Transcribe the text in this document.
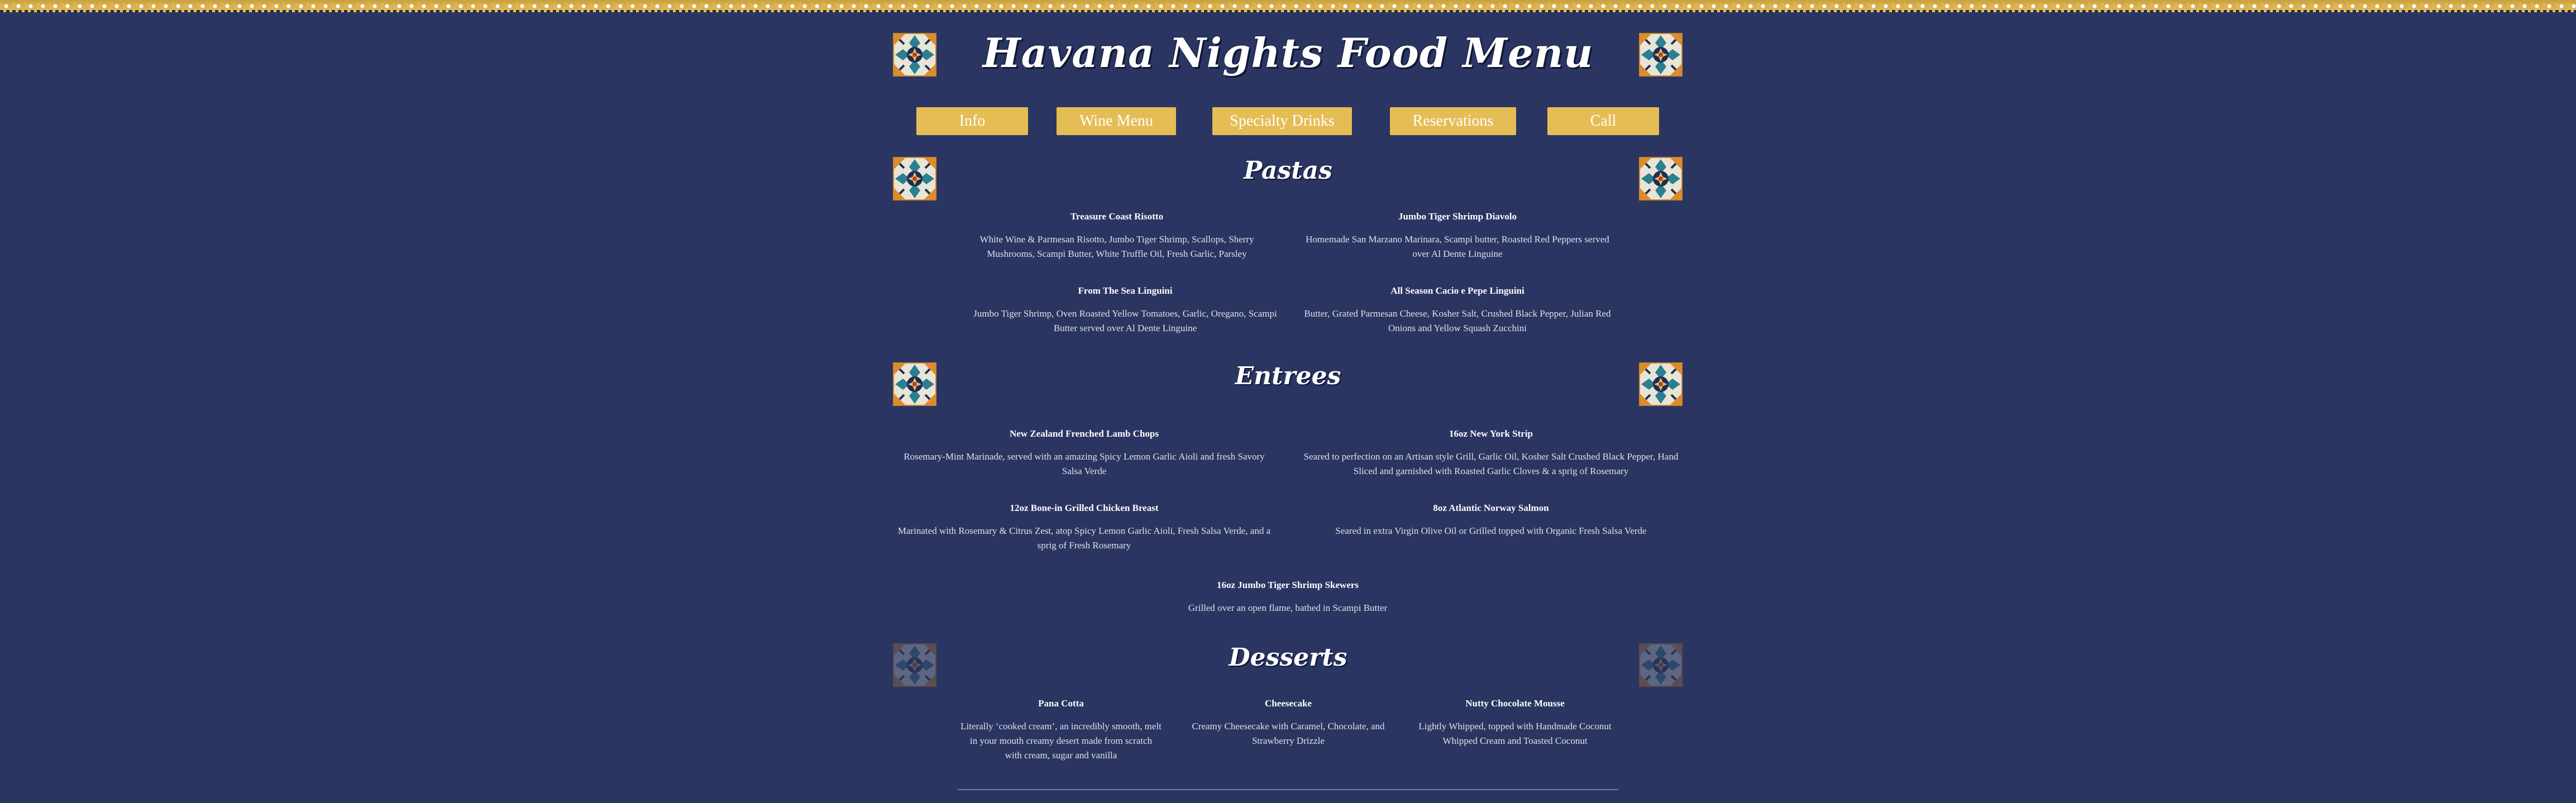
Havana Nights Food Menu
Info	Wine Menu	Specialty Drinks	Reservations	Call
Pastas
Treasure Coast Risotto
White Wine & Parmesan Risotto, Jumbo Tiger Shrimp, Scallops, Sherry Mushrooms, Scampi Butter, White Truffle Oil, Fresh Garlic, Parsley
Jumbo Tiger Shrimp Diavolo
Homemade San Marzano Marinara, Scampi butter, Roasted Red Peppers served over Al Dente Linguine
From The Sea Linguini
Jumbo Tiger Shrimp, Oven Roasted Yellow Tomatoes, Garlic, Oregano, Scampi Butter served over Al Dente Linguine
All Season Cacio e Pepe Linguini
Butter, Grated Parmesan Cheese, Kosher Salt, Crushed Black Pepper, Julian Red Onions and Yellow Squash Zucchini
Entrees
New Zealand Frenched Lamb Chops
Rosemary-Mint Marinade, served with an amazing Spicy Lemon Garlic Aioli and fresh Savory Salsa Verde
16oz New York Strip
Seared to perfection on an Artisan style Grill, Garlic Oil, Kosher Salt Crushed Black Pepper, Hand Sliced and garnished with Roasted Garlic Cloves & a sprig of Rosemary
12oz Bone-in Grilled Chicken Breast
Marinated with Rosemary & Citrus Zest, atop Spicy Lemon Garlic Aioli, Fresh Salsa Verde, and a sprig of Fresh Rosemary
8oz Atlantic Norway Salmon
Seared in extra Virgin Olive Oil or Grilled topped with Organic Fresh Salsa Verde
16oz Jumbo Tiger Shrimp Skewers
Grilled over an open flame, bathed in Scampi Butter
Desserts
Pana Cotta
Literally ‘cooked cream’, an incredibly smooth, melt in your mouth creamy desert made from scratch with cream, sugar and vanilla
Cheesecake
Creamy Cheesecake with Caramel, Chocolate, and Strawberry Drizzle
Nutty Chocolate Mousse
Lightly Whipped, topped with Handmade Coconut Whipped Cream and Toasted Coconut
